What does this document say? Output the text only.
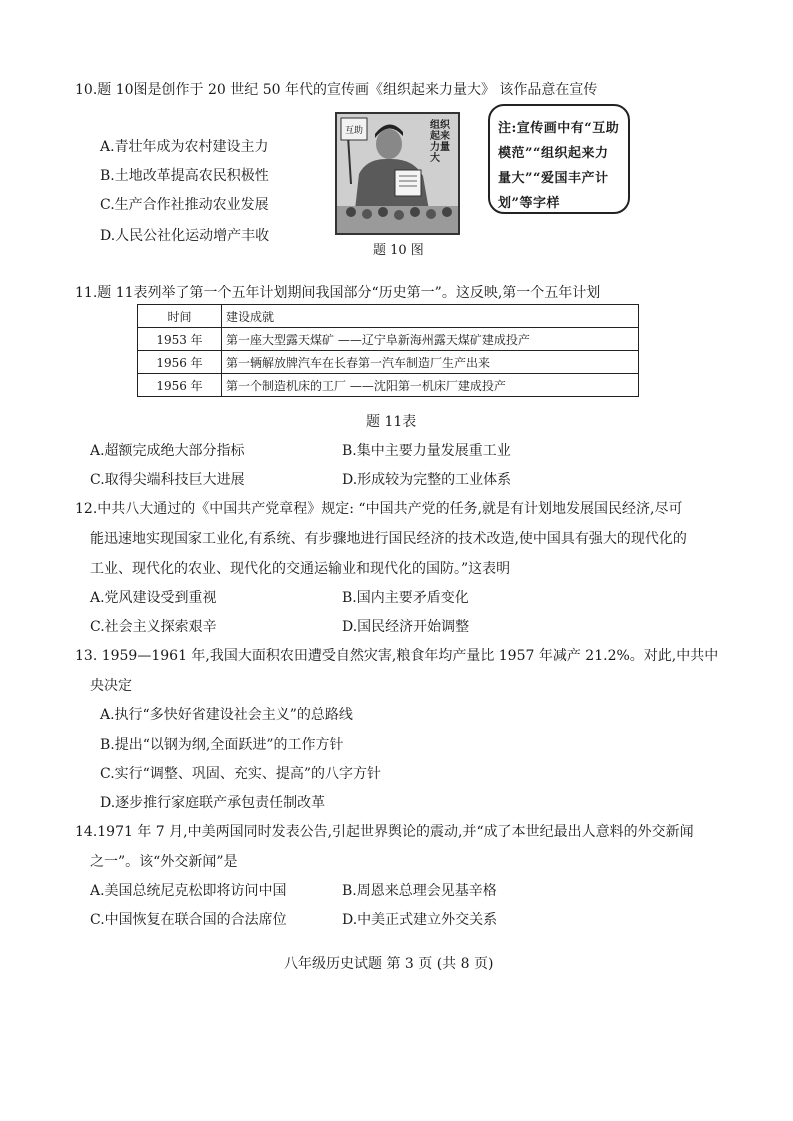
10.题 10图是创作于 20 世纪 50 年代的宣传画《组织起来力量大》 该作品意在宣传
A.青壮年成为农村建设主力
B.土地改革提高农民积极性
C.生产合作社推动农业发展
D.人民公社化运动增产丰收
互助	组织起来力量大
题 10 图
注:宣传画中有“互助模范”“组织起来力量大”“爱国丰产计划”等字样
11.题 11表列举了第一个五年计划期间我国部分“历史第一”。这反映,第一个五年计划
时间	建设成就
1953 年	第一座大型露天煤矿 ——辽宁阜新海州露天煤矿建成投产
1956 年	第一辆解放牌汽车在长春第一汽车制造厂生产出来
1956 年	第一个制造机床的工厂 ——沈阳第一机床厂建成投产
题 11表
A.超额完成绝大部分指标	B.集中主要力量发展重工业
C.取得尖端科技巨大进展	D.形成较为完整的工业体系
12.中共八大通过的《中国共产党章程》规定: “中国共产党的任务,就是有计划地发展国民经济,尽可
能迅速地实现国家工业化,有系统、有步骤地进行国民经济的技术改造,使中国具有强大的现代化的
工业、现代化的农业、现代化的交通运输业和现代化的国防。”这表明
A.党风建设受到重视	B.国内主要矛盾变化
C.社会主义探索艰辛	D.国民经济开始调整
13. 1959—1961 年,我国大面积农田遭受自然灾害,粮食年均产量比 1957 年减产 21.2%。对此,中共中
央决定
A.执行“多快好省建设社会主义”的总路线
B.提出“以钢为纲,全面跃进”的工作方针
C.实行“调整、巩固、充实、提高”的八字方针
D.逐步推行家庭联产承包责任制改革
14.1971 年 7 月,中美两国同时发表公告,引起世界舆论的震动,并“成了本世纪最出人意料的外交新闻
之一”。该“外交新闻”是
A.美国总统尼克松即将访问中国	B.周恩来总理会见基辛格
C.中国恢复在联合国的合法席位	D.中美正式建立外交关系
八年级历史试题 第 3 页 (共 8 页)
